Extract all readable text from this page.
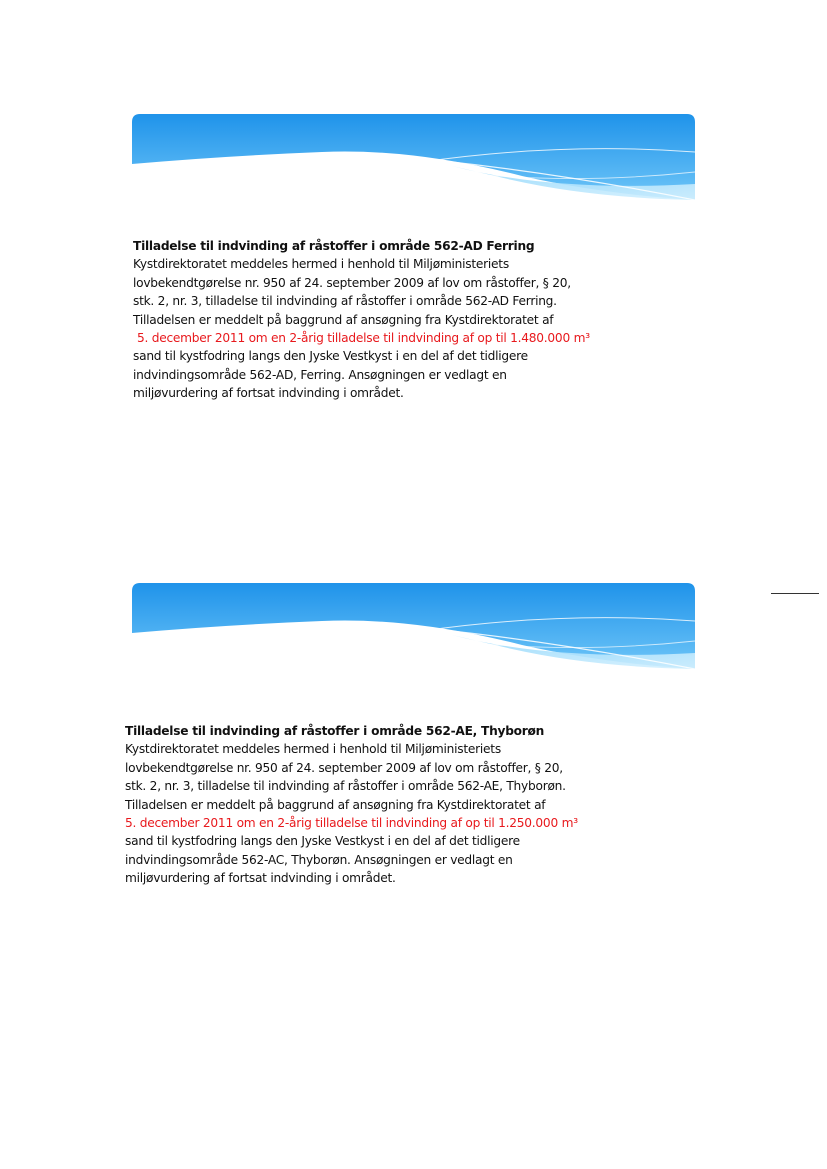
Tilladelse til indvinding af råstoffer i område 562-AD Ferring
Kystdirektoratet meddeles hermed i henhold til Miljøministeriets
lovbekendtgørelse nr. 950 af 24. september 2009 af lov om råstoffer, § 20,
stk. 2, nr. 3, tilladelse til indvinding af råstoffer i område 562-AD Ferring.
Tilladelsen er meddelt på baggrund af ansøgning fra Kystdirektoratet af
5. december 2011 om en 2-årig tilladelse til indvinding af op til 1.480.000 m³
sand til kystfodring langs den Jyske Vestkyst i en del af det tidligere
indvindingsområde 562-AD, Ferring. Ansøgningen er vedlagt en
miljøvurdering af fortsat indvinding i området.
Tilladelse til indvinding af råstoffer i område 562-AE, Thyborøn
Kystdirektoratet meddeles hermed i henhold til Miljøministeriets
lovbekendtgørelse nr. 950 af 24. september 2009 af lov om råstoffer, § 20,
stk. 2, nr. 3, tilladelse til indvinding af råstoffer i område 562-AE, Thyborøn.
Tilladelsen er meddelt på baggrund af ansøgning fra Kystdirektoratet af
5. december 2011 om en 2-årig tilladelse til indvinding af op til 1.250.000 m³
sand til kystfodring langs den Jyske Vestkyst i en del af det tidligere
indvindingsområde 562-AC, Thyborøn. Ansøgningen er vedlagt en
miljøvurdering af fortsat indvinding i området.
